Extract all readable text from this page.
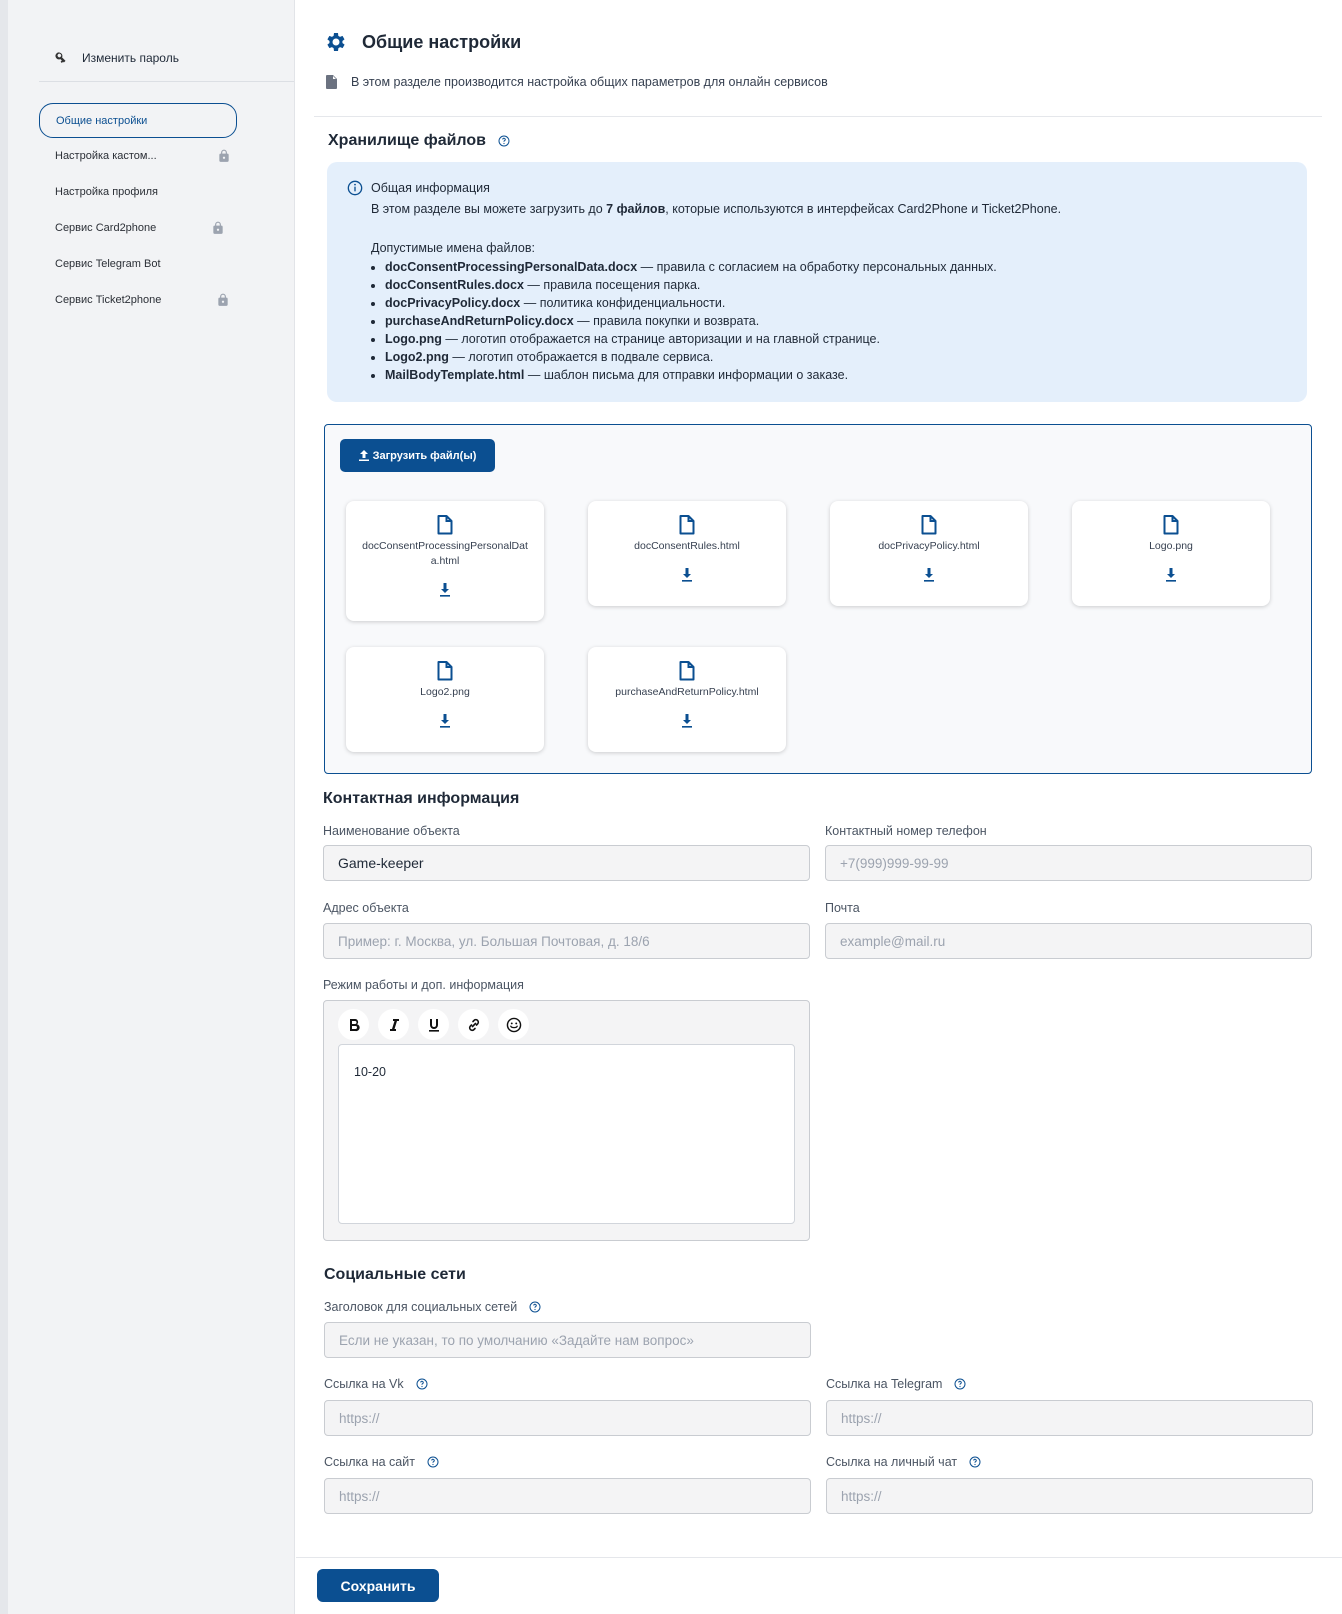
Изменить пароль
Общие настройки
Настройка кастом...
Настройка профиля
Сервис Card2phone
Сервис Telegram Bot
Сервис Ticket2phone
Общие настройки
В этом разделе производится настройка общих параметров для онлайн сервисов
Хранилище файлов
Общая информация

В этом разделе вы можете загрузить до 7 файлов, которые используются в интерфейсах Card2Phone и Ticket2Phone.

Допустимые имена файлов:

• docConsentProcessingPersonalData.docx — правила с согласием на обработку персональных данных.
• docConsentRules.docx — правила посещения парка.
• docPrivacyPolicy.docx — политика конфиденциальности.
• purchaseAndReturnPolicy.docx — правила покупки и возврата.
• Logo.png — логотип отображается на странице авторизации и на главной странице.
• Logo2.png — логотип отображается в подвале сервиса.
• MailBodyTemplate.html — шаблон письма для отправки информации о заказе.
Загрузить файл(ы)
docConsentProcessingPersonalData.html
docConsentRules.html	docPrivacyPolicy.html	Logo.png
Logo2.png	purchaseAndReturnPolicy.html
Контактная информация
Наименование объекта
Game-keeper
Контактный номер телефон
+7(999)999-99-99
Адрес объекта
Пример: г. Москва, ул. Большая Почтовая, д. 18/6
Почта
example@mail.ru
Режим работы и доп. информация
10-20
Социальные сети
Заголовок для социальных сетей
Если не указан, то по умолчанию «Задайте нам вопрос»
Ссылка на Vk
https://
Ссылка на Telegram
https://
Ссылка на сайт
https://
Ссылка на личный чат
https://
Сохранить
